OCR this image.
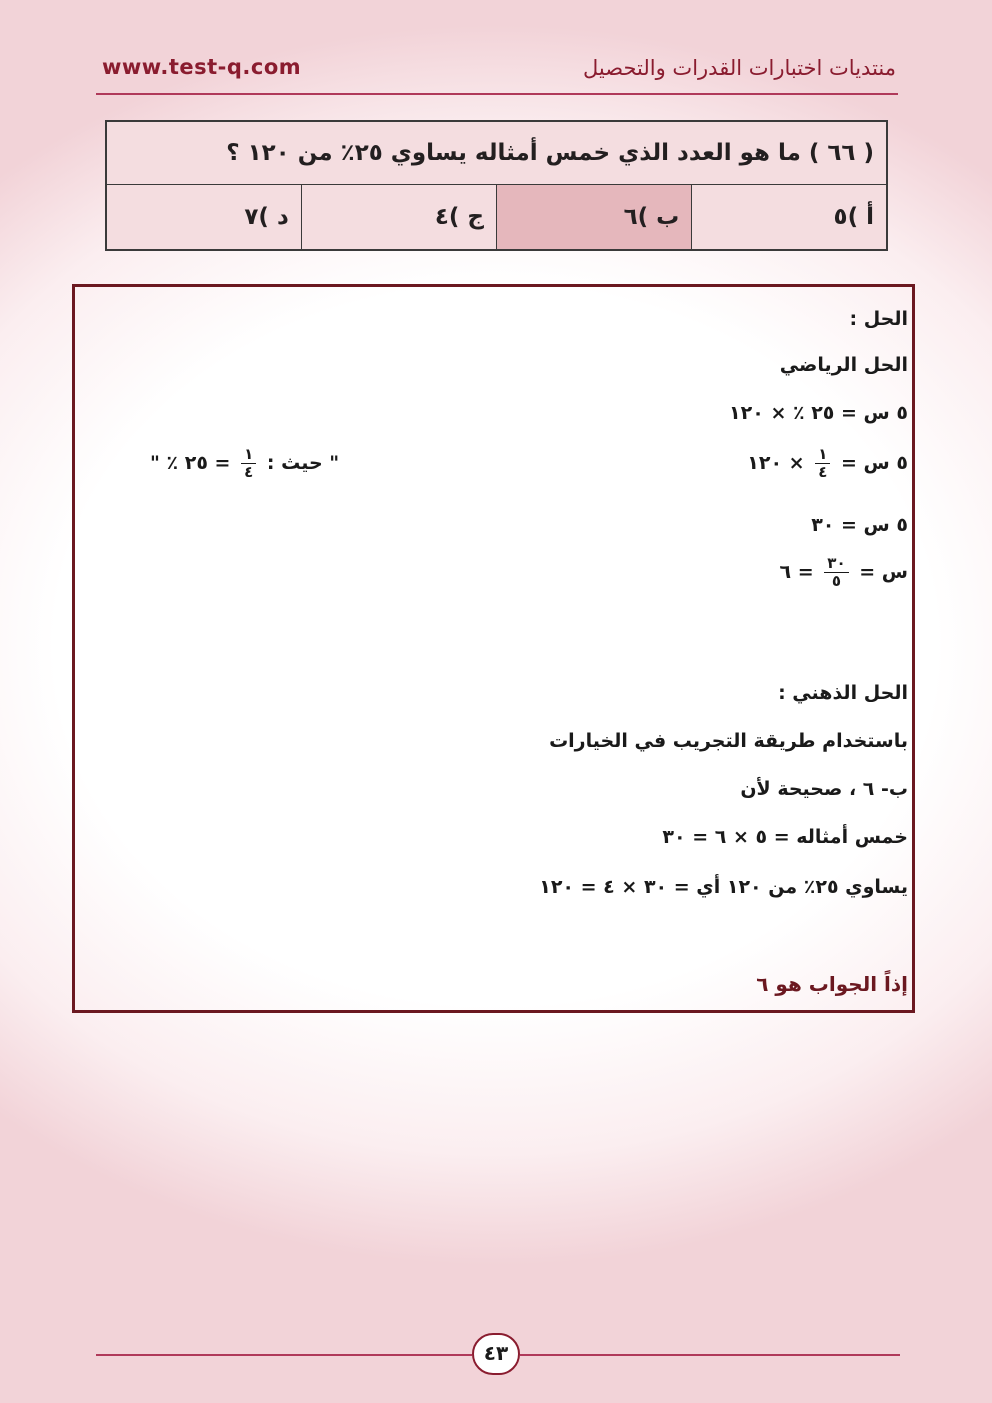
www.test-q.com	منتديات اختبارات القدرات والتحصيل
( ٦٦ ) ما هو العدد الذي خمس أمثاله يساوي ٢٥٪ من ١٢٠ ؟
أ )٥	ب )٦	ج )٤	د )٧
الحل :
الحل الرياضي
٥ س = ٢٥ ٪ × ١٢٠
٥ س =
$\frac{١}{٤}$
× ١٢٠
" حيث :
$\frac{١}{٤}$
= ٢٥ ٪ "
٥ س = ٣٠
س =
$\frac{٣٠}{٥}$
= ٦
الحل الذهني :
باستخدام طريقة التجريب في الخيارات
ب- ٦ ، صحيحة لأن
خمس أمثاله = ٥ × ٦ = ٣٠
يساوي ٢٥٪ من ١٢٠ أي = ٣٠ × ٤ = ١٢٠
إذاً الجواب هو ٦
٤٣
